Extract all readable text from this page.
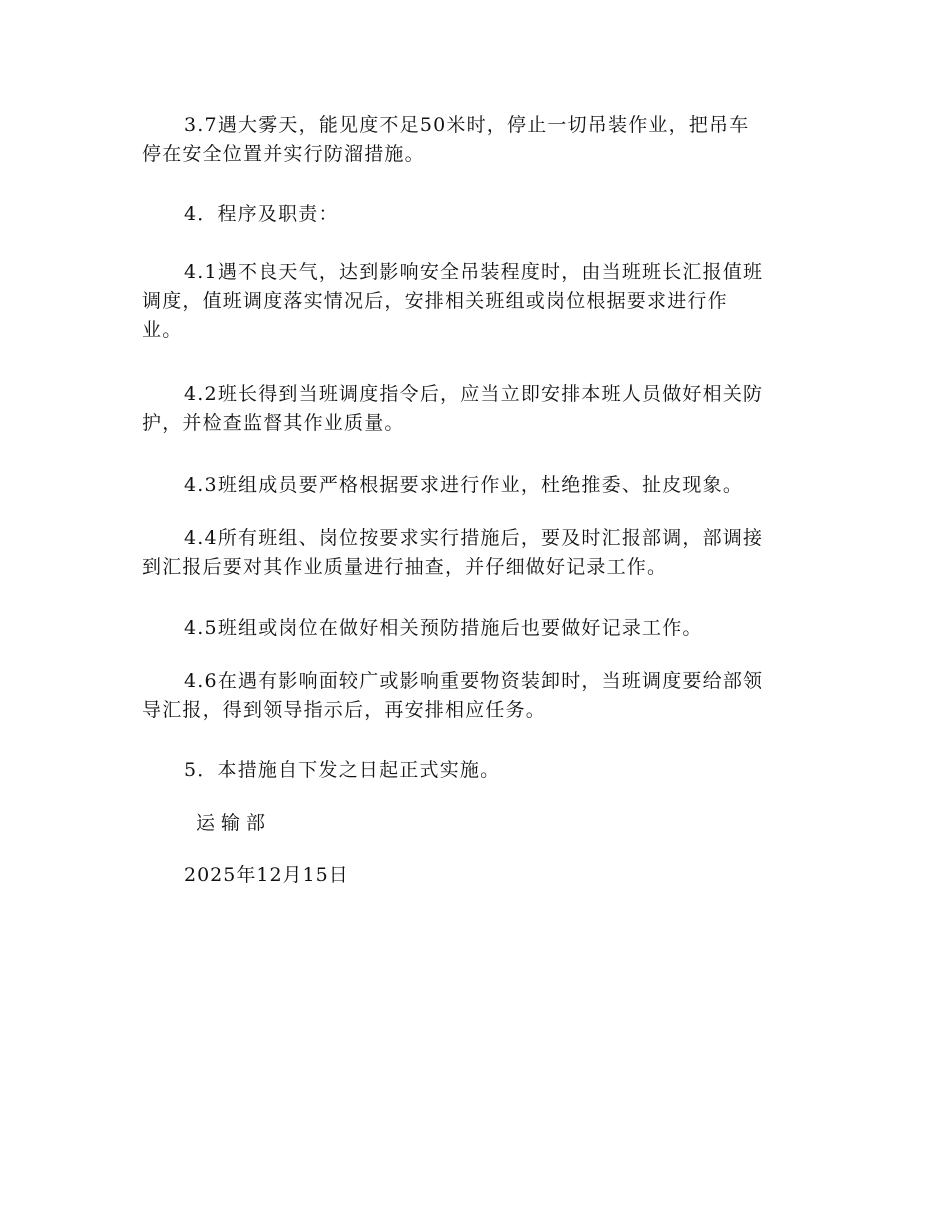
3.7遇大雾天，能见度不足50米时，停止一切吊装作业，把吊车
停在安全位置并实行防溜措施。

4．程序及职责：

4.1遇不良天气，达到影响安全吊装程度时，由当班班长汇报值班
调度，值班调度落实情况后，安排相关班组或岗位根据要求进行作
业。

4.2班长得到当班调度指令后，应当立即安排本班人员做好相关防
护，并检查监督其作业质量。

4.3班组成员要严格根据要求进行作业，杜绝推委、扯皮现象。

4.4所有班组、岗位按要求实行措施后，要及时汇报部调，部调接
到汇报后要对其作业质量进行抽查，并仔细做好记录工作。

4.5班组或岗位在做好相关预防措施后也要做好记录工作。

4.6在遇有影响面较广或影响重要物资装卸时，当班调度要给部领
导汇报，得到领导指示后，再安排相应任务。

5．本措施自下发之日起正式实施。

运输部

2025年12月15日
